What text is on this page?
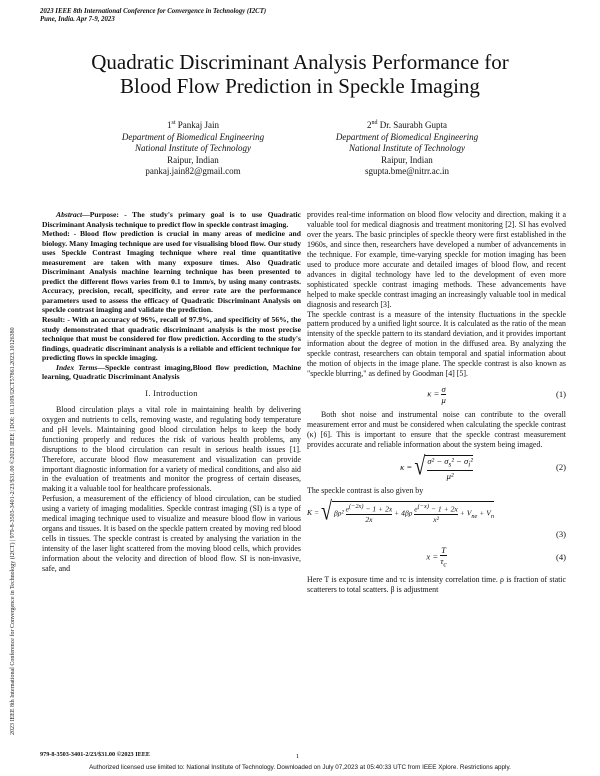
2023 IEEE 8th International Conference for Convergence in Technology (I2CT)
Pune, India. Apr 7-9, 2023
2023 IEEE 8th International Conference for Convergence in Technology (I2CT) | 979-8-3503-3401-2/23/$31.00 ©2023 IEEE | DOI: 10.1109/I2CT57861.2023.10126380
Quadratic Discriminant Analysis Performance for
Blood Flow Prediction in Speckle Imaging
1st Pankaj Jain
Department of Biomedical Engineering
National Institute of Technology
Raipur, Indian
pankaj.jain82@gmail.com
2nd Dr. Saurabh Gupta
Department of Biomedical Engineering
National Institute of Technology
Raipur, Indian
sgupta.bme@nitrr.ac.in

Abstract—Purpose: - The study's primary goal is to use Quadratic Discriminant Analysis technique to predict flow in speckle contrast imaging.

Method: - Blood flow prediction is crucial in many areas of medicine and biology. Many Imaging technique are used for visualising blood flow. Our study uses Speckle Contrast Imaging technique where real time quantitative measurement are taken with many exposure times. Also Quadratic Discriminant Analysis machine learning technique has been presented to predict the different flows varies from 0.1 to 1mm/s, by using many contrasts. Accuracy, precision, recall, specificity, and error rate are the performance parameters used to assess the efficacy of Quadratic Discriminant Analysis on speckle contrast imaging and validate the prediction.

Result: - With an accuracy of 96%, recall of 97.9%, and specificity of 56%, the study demonstrated that quadratic discriminant analysis is the most precise technique that must be considered for flow prediction. According to the study's findings, quadratic discriminant analysis is a reliable and efficient technique for predicting flows in speckle imaging.

Index Terms—Speckle contrast imaging,Blood flow prediction, Machine learning, Quadratic Discriminant Analysis

I. Introduction

Blood circulation plays a vital role in maintaining health by delivering oxygen and nutrients to cells, removing waste, and regulating body temperature and pH levels. Maintaining good blood circulation helps to keep the body functioning properly and reduces the risk of various health problems, any disruptions to the blood circulation can result in serious health issues [1]. Therefore, accurate blood flow measurement and visualization can provide important diagnostic information for a variety of medical conditions, and also aid in the evaluation of treatments and monitor the progress of certain diseases, making it a valuable tool for healthcare professionals.

Perfusion, a measurement of the efficiency of blood circulation, can be studied using a variety of imaging modalities. Speckle contrast imaging (SI) is a type of medical imaging technique used to visualize and measure blood flow in various organs and tissues. It is based on the speckle pattern created by moving red blood cells in tissues. The speckle contrast is created by analysing the variation in the intensity of the laser light scattered from the moving blood cells, which provides information about the velocity and direction of blood flow. SI is non-invasive, safe, and

provides real-time information on blood flow velocity and direction, making it a valuable tool for medical diagnosis and treatment monitoring [2]. SI has evolved over the years. The basic principles of speckle theory were first established in the 1960s, and since then, researchers have developed a number of advancements in the technique. For example, time-varying speckle for motion imaging has been used to produce more accurate and detailed images of blood flow, and recent advances in digital technology have led to the development of even more sophisticated speckle contrast imaging methods. These advancements have helped to make speckle contrast imaging an increasingly valuable tool in medical diagnosis and research [3].

The speckle contrast is a measure of the intensity fluctuations in the speckle pattern produced by a unified light source. It is calculated as the ratio of the mean intensity of the speckle pattern to its standard deviation, and it provides important information about the degree of motion in the diffused area. By analyzing the speckle contrast, researchers can obtain temporal and spatial information about the motion of objects in the image plane. The speckle contrast is also known as "speckle blurring," as defined by Goodman [4] [5].

$\kappa = \frac{\sigma}{\mu}$	(1)

Both shot noise and instrumental noise can contribute to the overall measurement error and must be considered when calculating the speckle contrast (κ) [6]. This is important to ensure that the speckle contrast measurement provides accurate and reliable information about the system being imaged.

κ = √ $\frac{\sigma^2 - \sigma_s^2 - \sigma_i^2}{\text{μ²}}$	(2)

The speckle contrast is also given by

K = √ $\beta\rho^2 \frac{e^{(-2x)} - 1 + 2x}{2x} + 4\beta\rho \frac{e^{(-x)} - 1 + 2x}{\text{x²}} + V_{ne} + V_n$
(3)

$x = \frac{T}{\tau_c}$	(4)

Here T is exposure time and τc is intensity correlation time. ρ is fraction of static scatterers to total scatters. β is adjustment

979-8-3503-3401-2/23/$31.00 ©2023 IEEE	1
Authorized licensed use limited to: National Institute of Technology. Downloaded on July 07,2023 at 05:40:33 UTC from IEEE Xplore. Restrictions apply.
